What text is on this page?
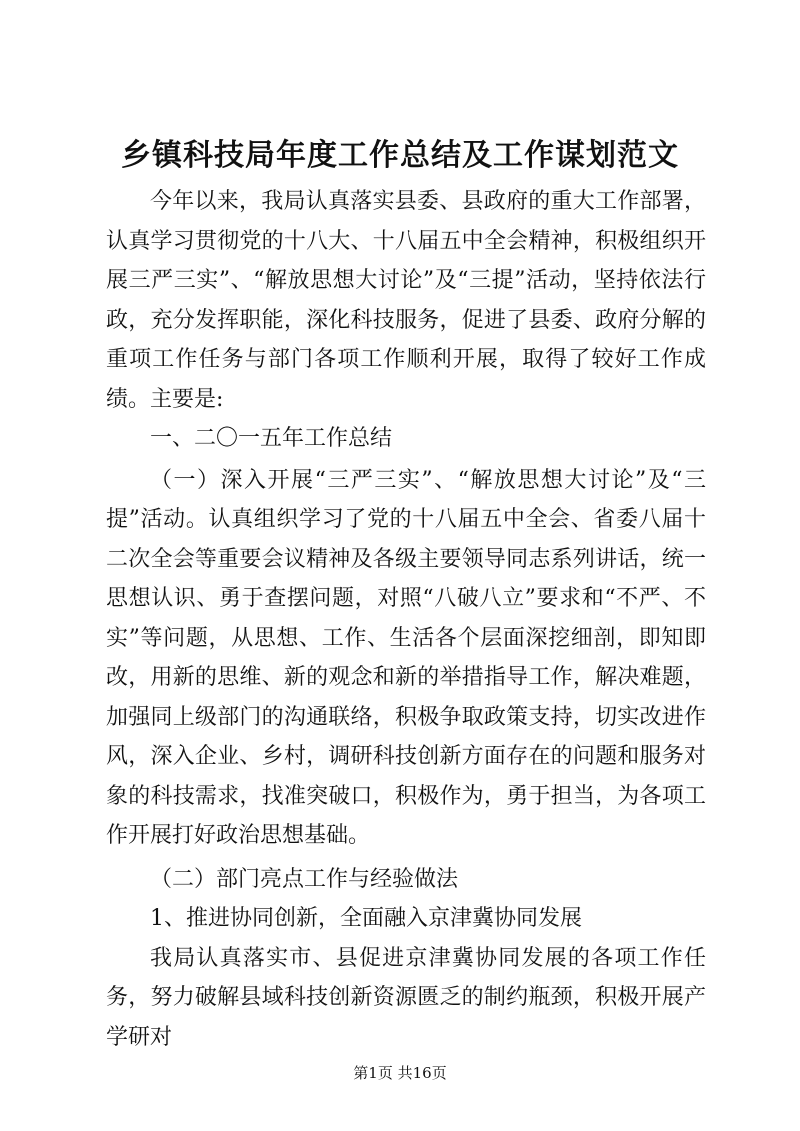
乡镇科技局年度工作总结及工作谋划范文

今年以来，我局认真落实县委、县政府的重大工作部署，认真学习贯彻党的十八大、十八届五中全会精神，积极组织开展三严三实”、“解放思想大讨论”及“三提”活动，坚持依法行政，充分发挥职能，深化科技服务，促进了县委、政府分解的重项工作任务与部门各项工作顺利开展，取得了较好工作成绩。主要是:

一、二〇一五年工作总结

（一）深入开展“三严三实”、“解放思想大讨论”及“三提”活动。认真组织学习了党的十八届五中全会、省委八届十二次全会等重要会议精神及各级主要领导同志系列讲话，统一思想认识、勇于查摆问题，对照“八破八立”要求和“不严、不实”等问题，从思想、工作、生活各个层面深挖细剖，即知即改，用新的思维、新的观念和新的举措指导工作，解决难题，加强同上级部门的沟通联络，积极争取政策支持，切实改进作风，深入企业、乡村，调研科技创新方面存在的问题和服务对象的科技需求，找准突破口，积极作为，勇于担当，为各项工作开展打好政治思想基础。

（二）部门亮点工作与经验做法

1、推进协同创新，全面融入京津冀协同发展

我局认真落实市、县促进京津冀协同发展的各项工作任务，努力破解县域科技创新资源匮乏的制约瓶颈，积极开展产学研对

第1页 共16页
